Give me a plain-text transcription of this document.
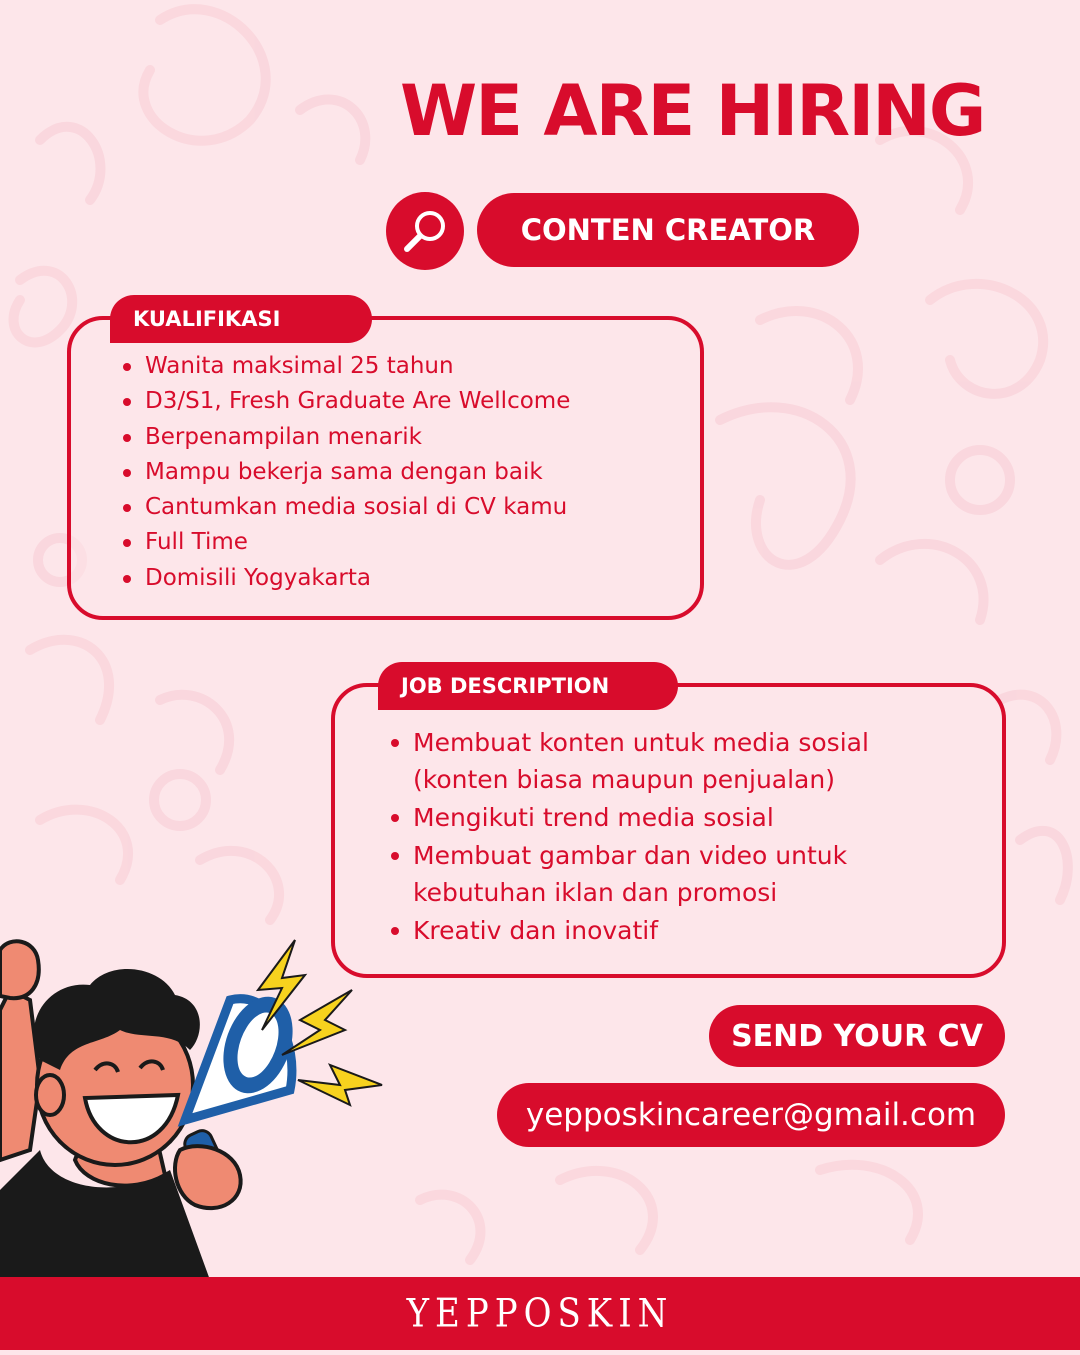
WE ARE HIRING
CONTEN CREATOR
KUALIFIKASI
Wanita maksimal 25 tahun
D3/S1, Fresh Graduate Are Wellcome
Berpenampilan menarik
Mampu bekerja sama dengan baik
Cantumkan media sosial di CV kamu
Full Time
Domisili Yogyakarta
JOB DESCRIPTION
Membuat konten untuk media sosial (konten biasa maupun penjualan)
Mengikuti trend media sosial
Membuat gambar dan video untuk kebutuhan iklan dan promosi
Kreativ dan inovatif
SEND YOUR CV
yepposkincareer@gmail.com
YEPPOSKIN
